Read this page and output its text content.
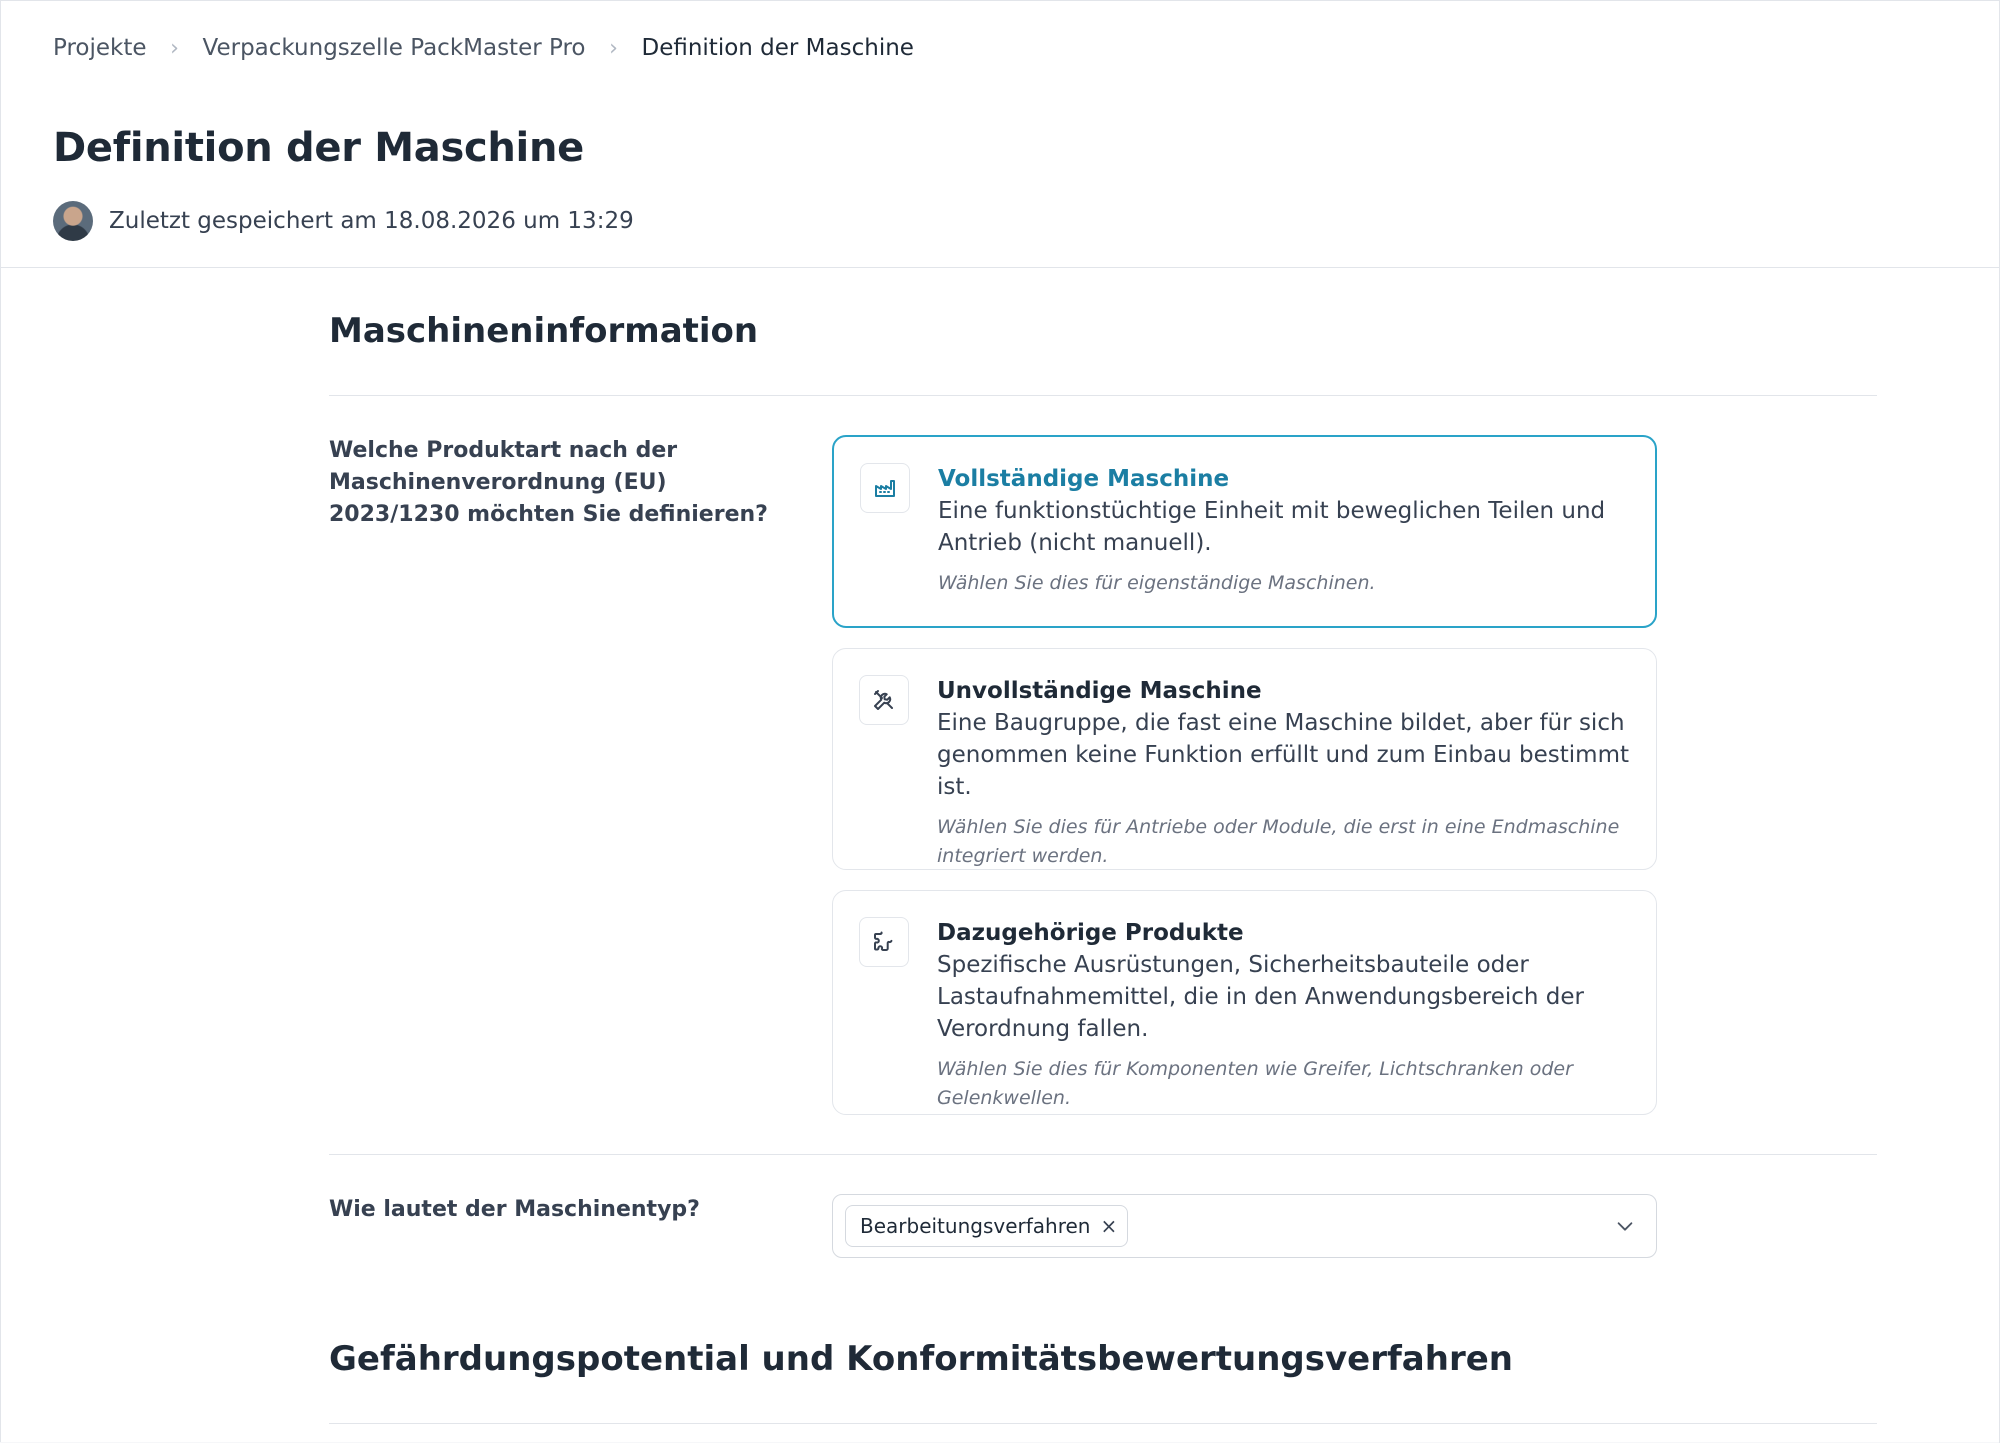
Projekte	›	Verpackungszelle PackMaster Pro	›	Definition der Maschine
Definition der Maschine
Zuletzt gespeichert am 18.08.2026 um 13:29
Maschineninformation

Welche Produktart nach der Maschinenverordnung (EU) 2023/1230 möchten Sie definieren?

Vollständige Maschine
Eine funktionstüchtige Einheit mit beweglichen Teilen und Antrieb (nicht manuell).
Wählen Sie dies für eigenständige Maschinen.
Unvollständige Maschine
Eine Baugruppe, die fast eine Maschine bildet, aber für sich genommen keine Funktion erfüllt und zum Einbau bestimmt ist.
Wählen Sie dies für Antriebe oder Module, die erst in eine Endmaschine integriert werden.
Dazugehörige Produkte
Spezifische Ausrüstungen, Sicherheitsbauteile oder Lastaufnahmemittel, die in den Anwendungsbereich der Verordnung fallen.
Wählen Sie dies für Komponenten wie Greifer, Lichtschranken oder Gelenkwellen.

Wie lautet der Maschinentyp?

Bearbeitungsverfahren ×
Gefährdungspotential und Konformitätsbewertungsverfahren
